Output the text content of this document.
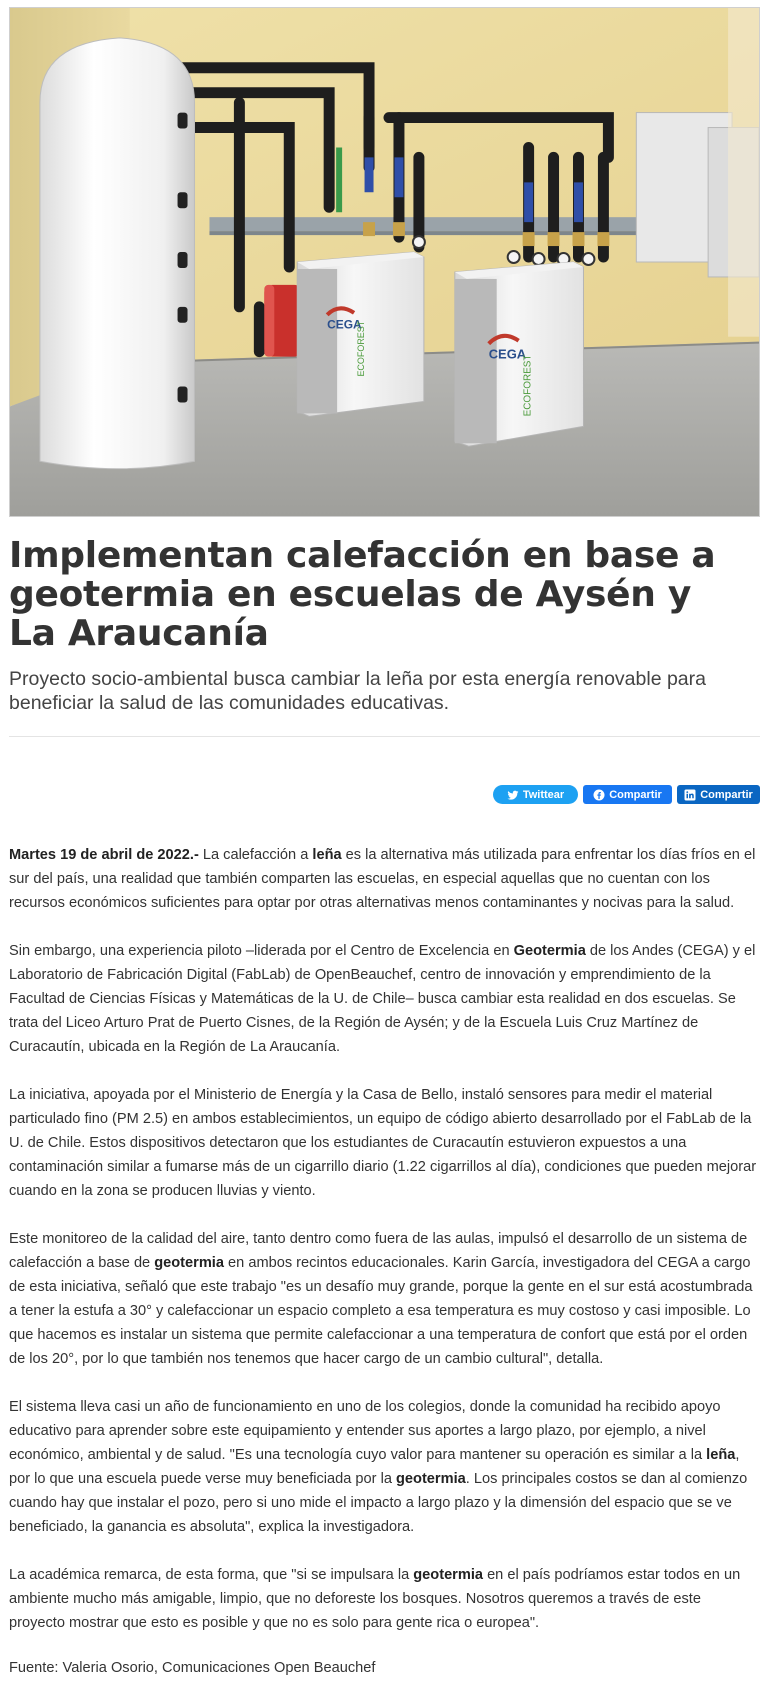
CEGA
ECOFOREST	CEGA
ECOFOREST
Implementan calefacción en base a geotermia en escuelas de Aysén y La Araucanía

Proyecto socio-ambiental busca cambiar la leña por esta energía renovable para beneficiar la salud de las comunidades educativas.

Twittear	Compartir	Compartir

Martes 19 de abril de 2022.- La calefacción a leña es la alternativa más utilizada para enfrentar los días fríos en el sur del país, una realidad que también comparten las escuelas, en especial aquellas que no cuentan con los recursos económicos suficientes para optar por otras alternativas menos contaminantes y nocivas para la salud.

Sin embargo, una experiencia piloto –liderada por el Centro de Excelencia en Geotermia de los Andes (CEGA) y el Laboratorio de Fabricación Digital (FabLab) de OpenBeauchef, centro de innovación y emprendimiento de la Facultad de Ciencias Físicas y Matemáticas de la U. de Chile– busca cambiar esta realidad en dos escuelas. Se trata del Liceo Arturo Prat de Puerto Cisnes, de la Región de Aysén; y de la Escuela Luis Cruz Martínez de Curacautín, ubicada en la Región de La Araucanía.

La iniciativa, apoyada por el Ministerio de Energía y la Casa de Bello, instaló sensores para medir el material particulado fino (PM 2.5) en ambos establecimientos, un equipo de código abierto desarrollado por el FabLab de la U. de Chile. Estos dispositivos detectaron que los estudiantes de Curacautín estuvieron expuestos a una contaminación similar a fumarse más de un cigarrillo diario (1.22 cigarrillos al día), condiciones que pueden mejorar cuando en la zona se producen lluvias y viento.

Este monitoreo de la calidad del aire, tanto dentro como fuera de las aulas, impulsó el desarrollo de un sistema de calefacción a base de geotermia en ambos recintos educacionales. Karin García, investigadora del CEGA a cargo de esta iniciativa, señaló que este trabajo "es un desafío muy grande, porque la gente en el sur está acostumbrada a tener la estufa a 30° y calefaccionar un espacio completo a esa temperatura es muy costoso y casi imposible. Lo que hacemos es instalar un sistema que permite calefaccionar a una temperatura de confort que está por el orden de los 20°, por lo que también nos tenemos que hacer cargo de un cambio cultural", detalla.

El sistema lleva casi un año de funcionamiento en uno de los colegios, donde la comunidad ha recibido apoyo educativo para aprender sobre este equipamiento y entender sus aportes a largo plazo, por ejemplo, a nivel económico, ambiental y de salud. "Es una tecnología cuyo valor para mantener su operación es similar a la leña, por lo que una escuela puede verse muy beneficiada por la geotermia. Los principales costos se dan al comienzo cuando hay que instalar el pozo, pero si uno mide el impacto a largo plazo y la dimensión del espacio que se ve beneficiado, la ganancia es absoluta", explica la investigadora.

La académica remarca, de esta forma, que "si se impulsara la geotermia en el país podríamos estar todos en un ambiente mucho más amigable, limpio, que no deforeste los bosques. Nosotros queremos a través de este proyecto mostrar que esto es posible y que no es solo para gente rica o europea".

Fuente: Valeria Osorio, Comunicaciones Open Beauchef
